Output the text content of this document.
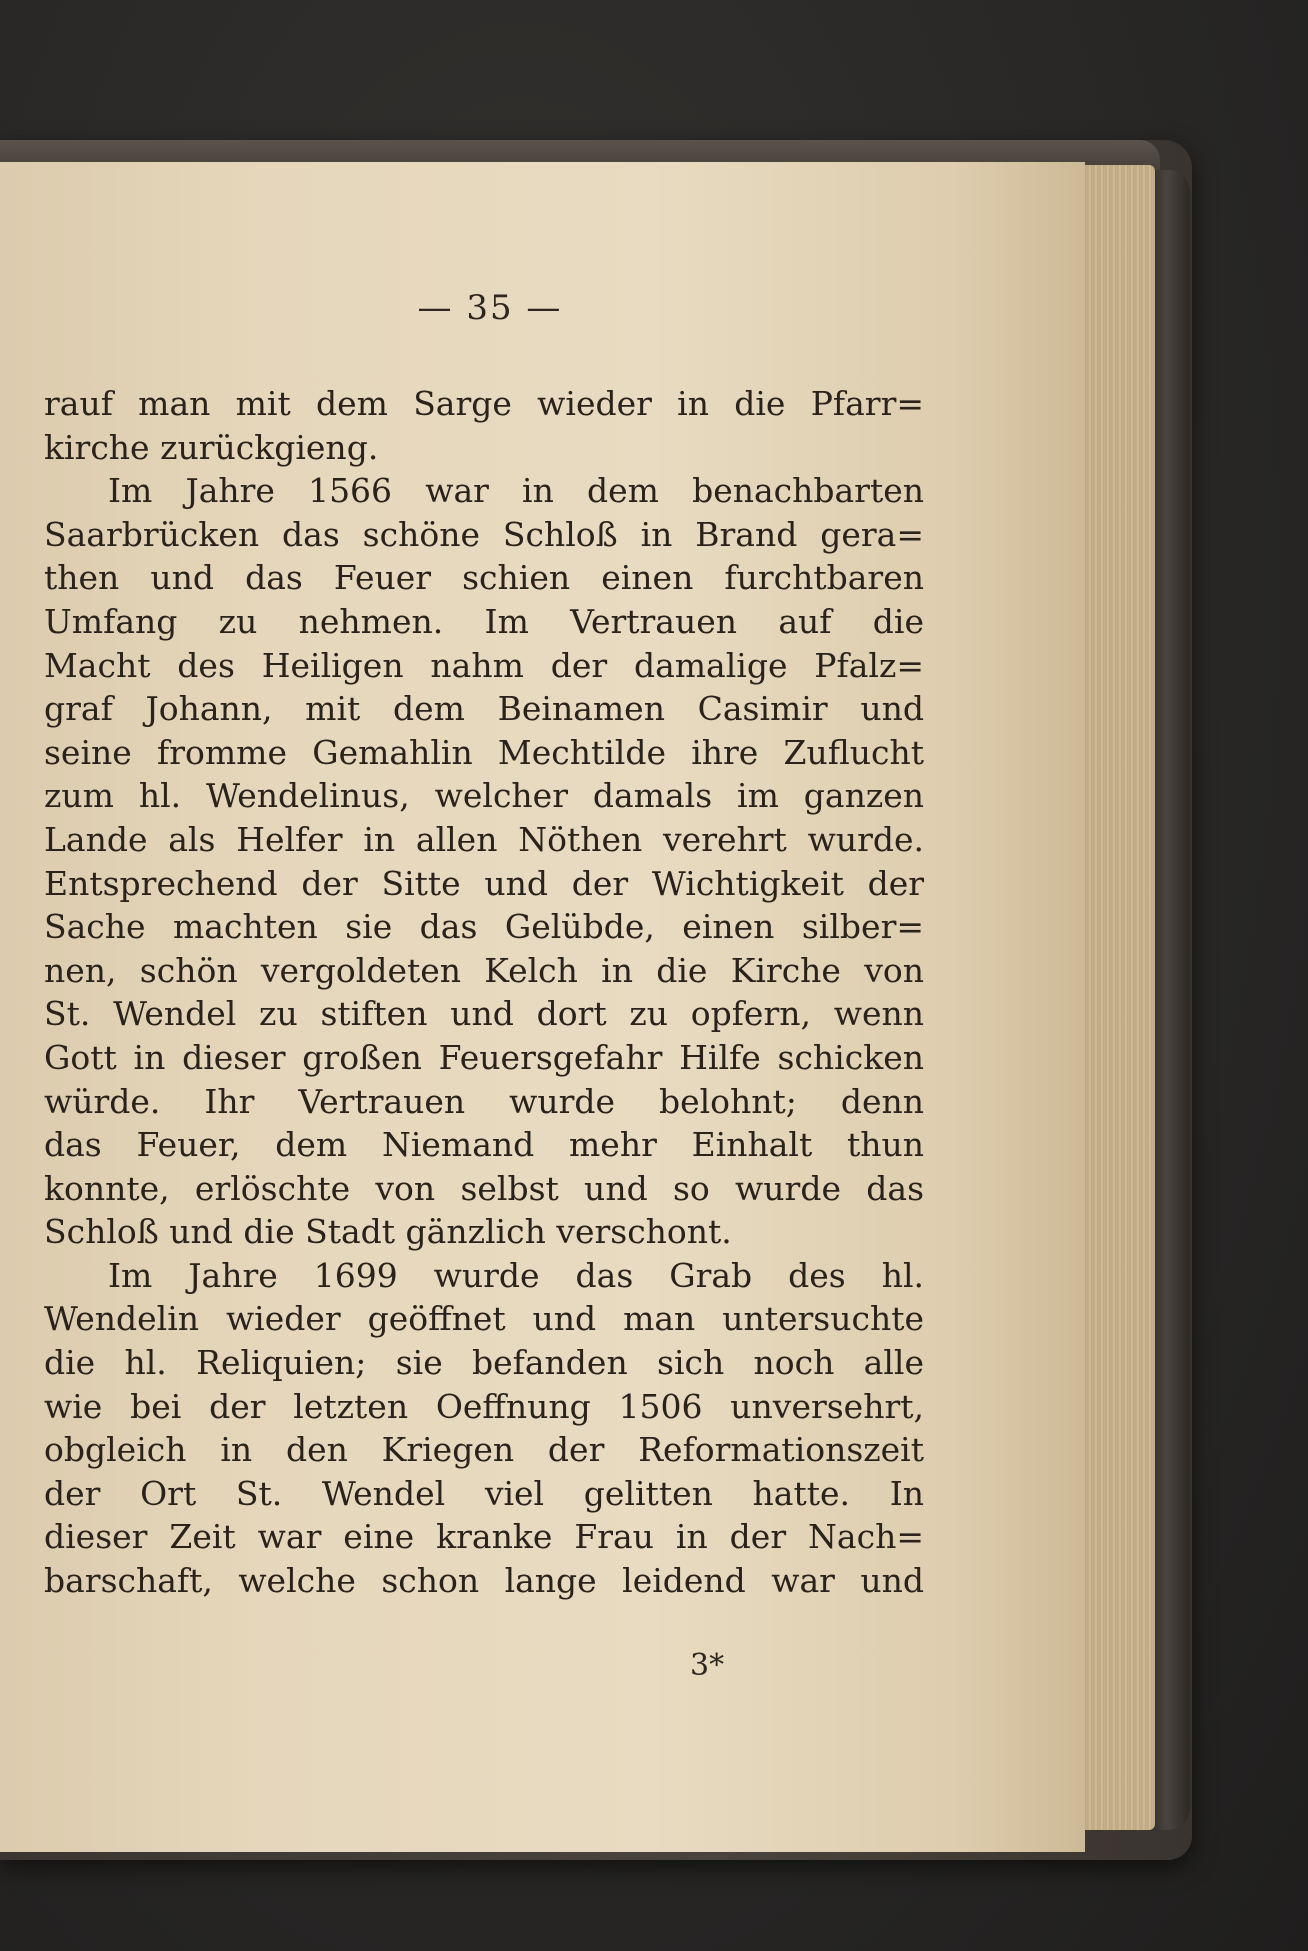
— 35 —
rauf man mit dem Sarge wieder in die Pfarr=
kirche zurückgieng.
Im Jahre 1566 war in dem benachbarten
Saarbrücken das schöne Schloß in Brand gera=
then und das Feuer schien einen furchtbaren
Umfang zu nehmen. Im Vertrauen auf die
Macht des Heiligen nahm der damalige Pfalz=
graf Johann, mit dem Beinamen Casimir und
seine fromme Gemahlin Mechtilde ihre Zuflucht
zum hl. Wendelinus, welcher damals im ganzen
Lande als Helfer in allen Nöthen verehrt wurde.
Entsprechend der Sitte und der Wichtigkeit der
Sache machten sie das Gelübde, einen silber=
nen, schön vergoldeten Kelch in die Kirche von
St. Wendel zu stiften und dort zu opfern, wenn
Gott in dieser großen Feuersgefahr Hilfe schicken
würde. Ihr Vertrauen wurde belohnt; denn
das Feuer, dem Niemand mehr Einhalt thun
konnte, erlöschte von selbst und so wurde das
Schloß und die Stadt gänzlich verschont.
Im Jahre 1699 wurde das Grab des hl.
Wendelin wieder geöffnet und man untersuchte
die hl. Reliquien; sie befanden sich noch alle
wie bei der letzten Oeffnung 1506 unversehrt,
obgleich in den Kriegen der Reformationszeit
der Ort St. Wendel viel gelitten hatte. In
dieser Zeit war eine kranke Frau in der Nach=
barschaft, welche schon lange leidend war und
3*
